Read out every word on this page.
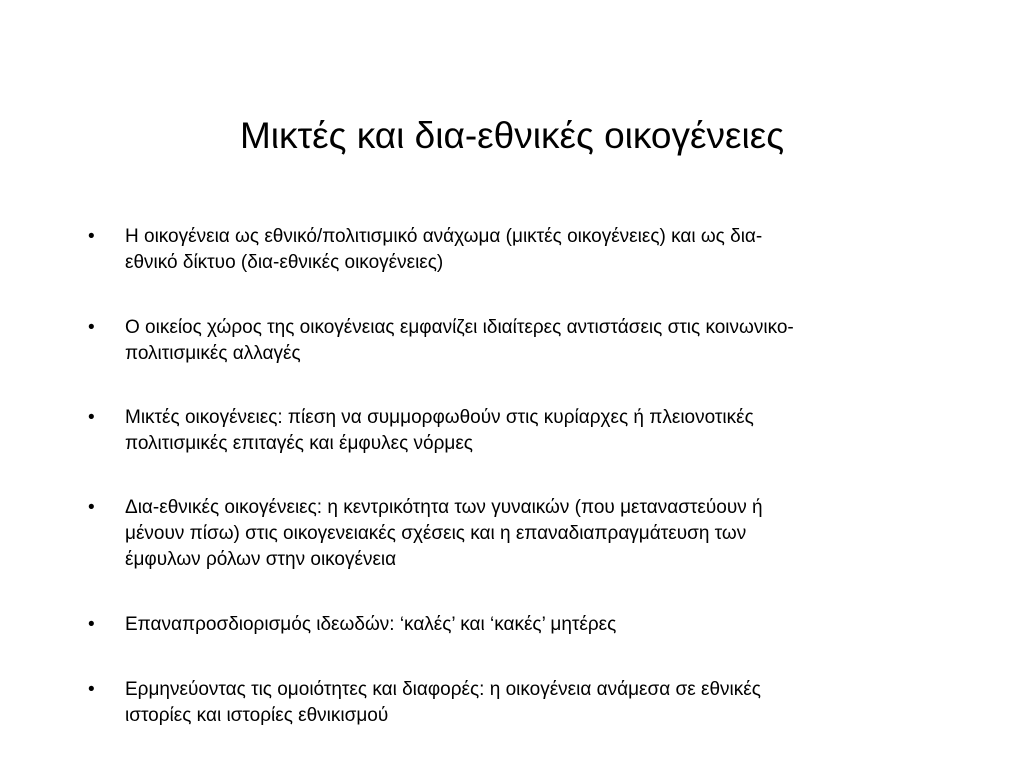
Μικτές και δια-εθνικές οικογένειες
•	Η οικογένεια ως εθνικό/πολιτισμικό ανάχωμα (μικτές οικογένειες) και ως δια-
εθνικό δίκτυο (δια-εθνικές οικογένειες)
•	Ο οικείος χώρος της οικογένειας εμφανίζει ιδιαίτερες αντιστάσεις στις κοινωνικο-
πολιτισμικές αλλαγές
•	Μικτές οικογένειες: πίεση να συμμορφωθούν στις κυρίαρχες ή πλειονοτικές
πολιτισμικές επιταγές και έμφυλες νόρμες
•	Δια-εθνικές οικογένειες: η κεντρικότητα των γυναικών (που μεταναστεύουν ή
μένουν πίσω) στις οικογενειακές σχέσεις και η επαναδιαπραγμάτευση των
έμφυλων ρόλων στην οικογένεια
•	Επαναπροσδιορισμός ιδεωδών: ‘καλές’ και ‘κακές’ μητέρες
•	Ερμηνεύοντας τις ομοιότητες και διαφορές: η οικογένεια ανάμεσα σε εθνικές
ιστορίες και ιστορίες εθνικισμού
